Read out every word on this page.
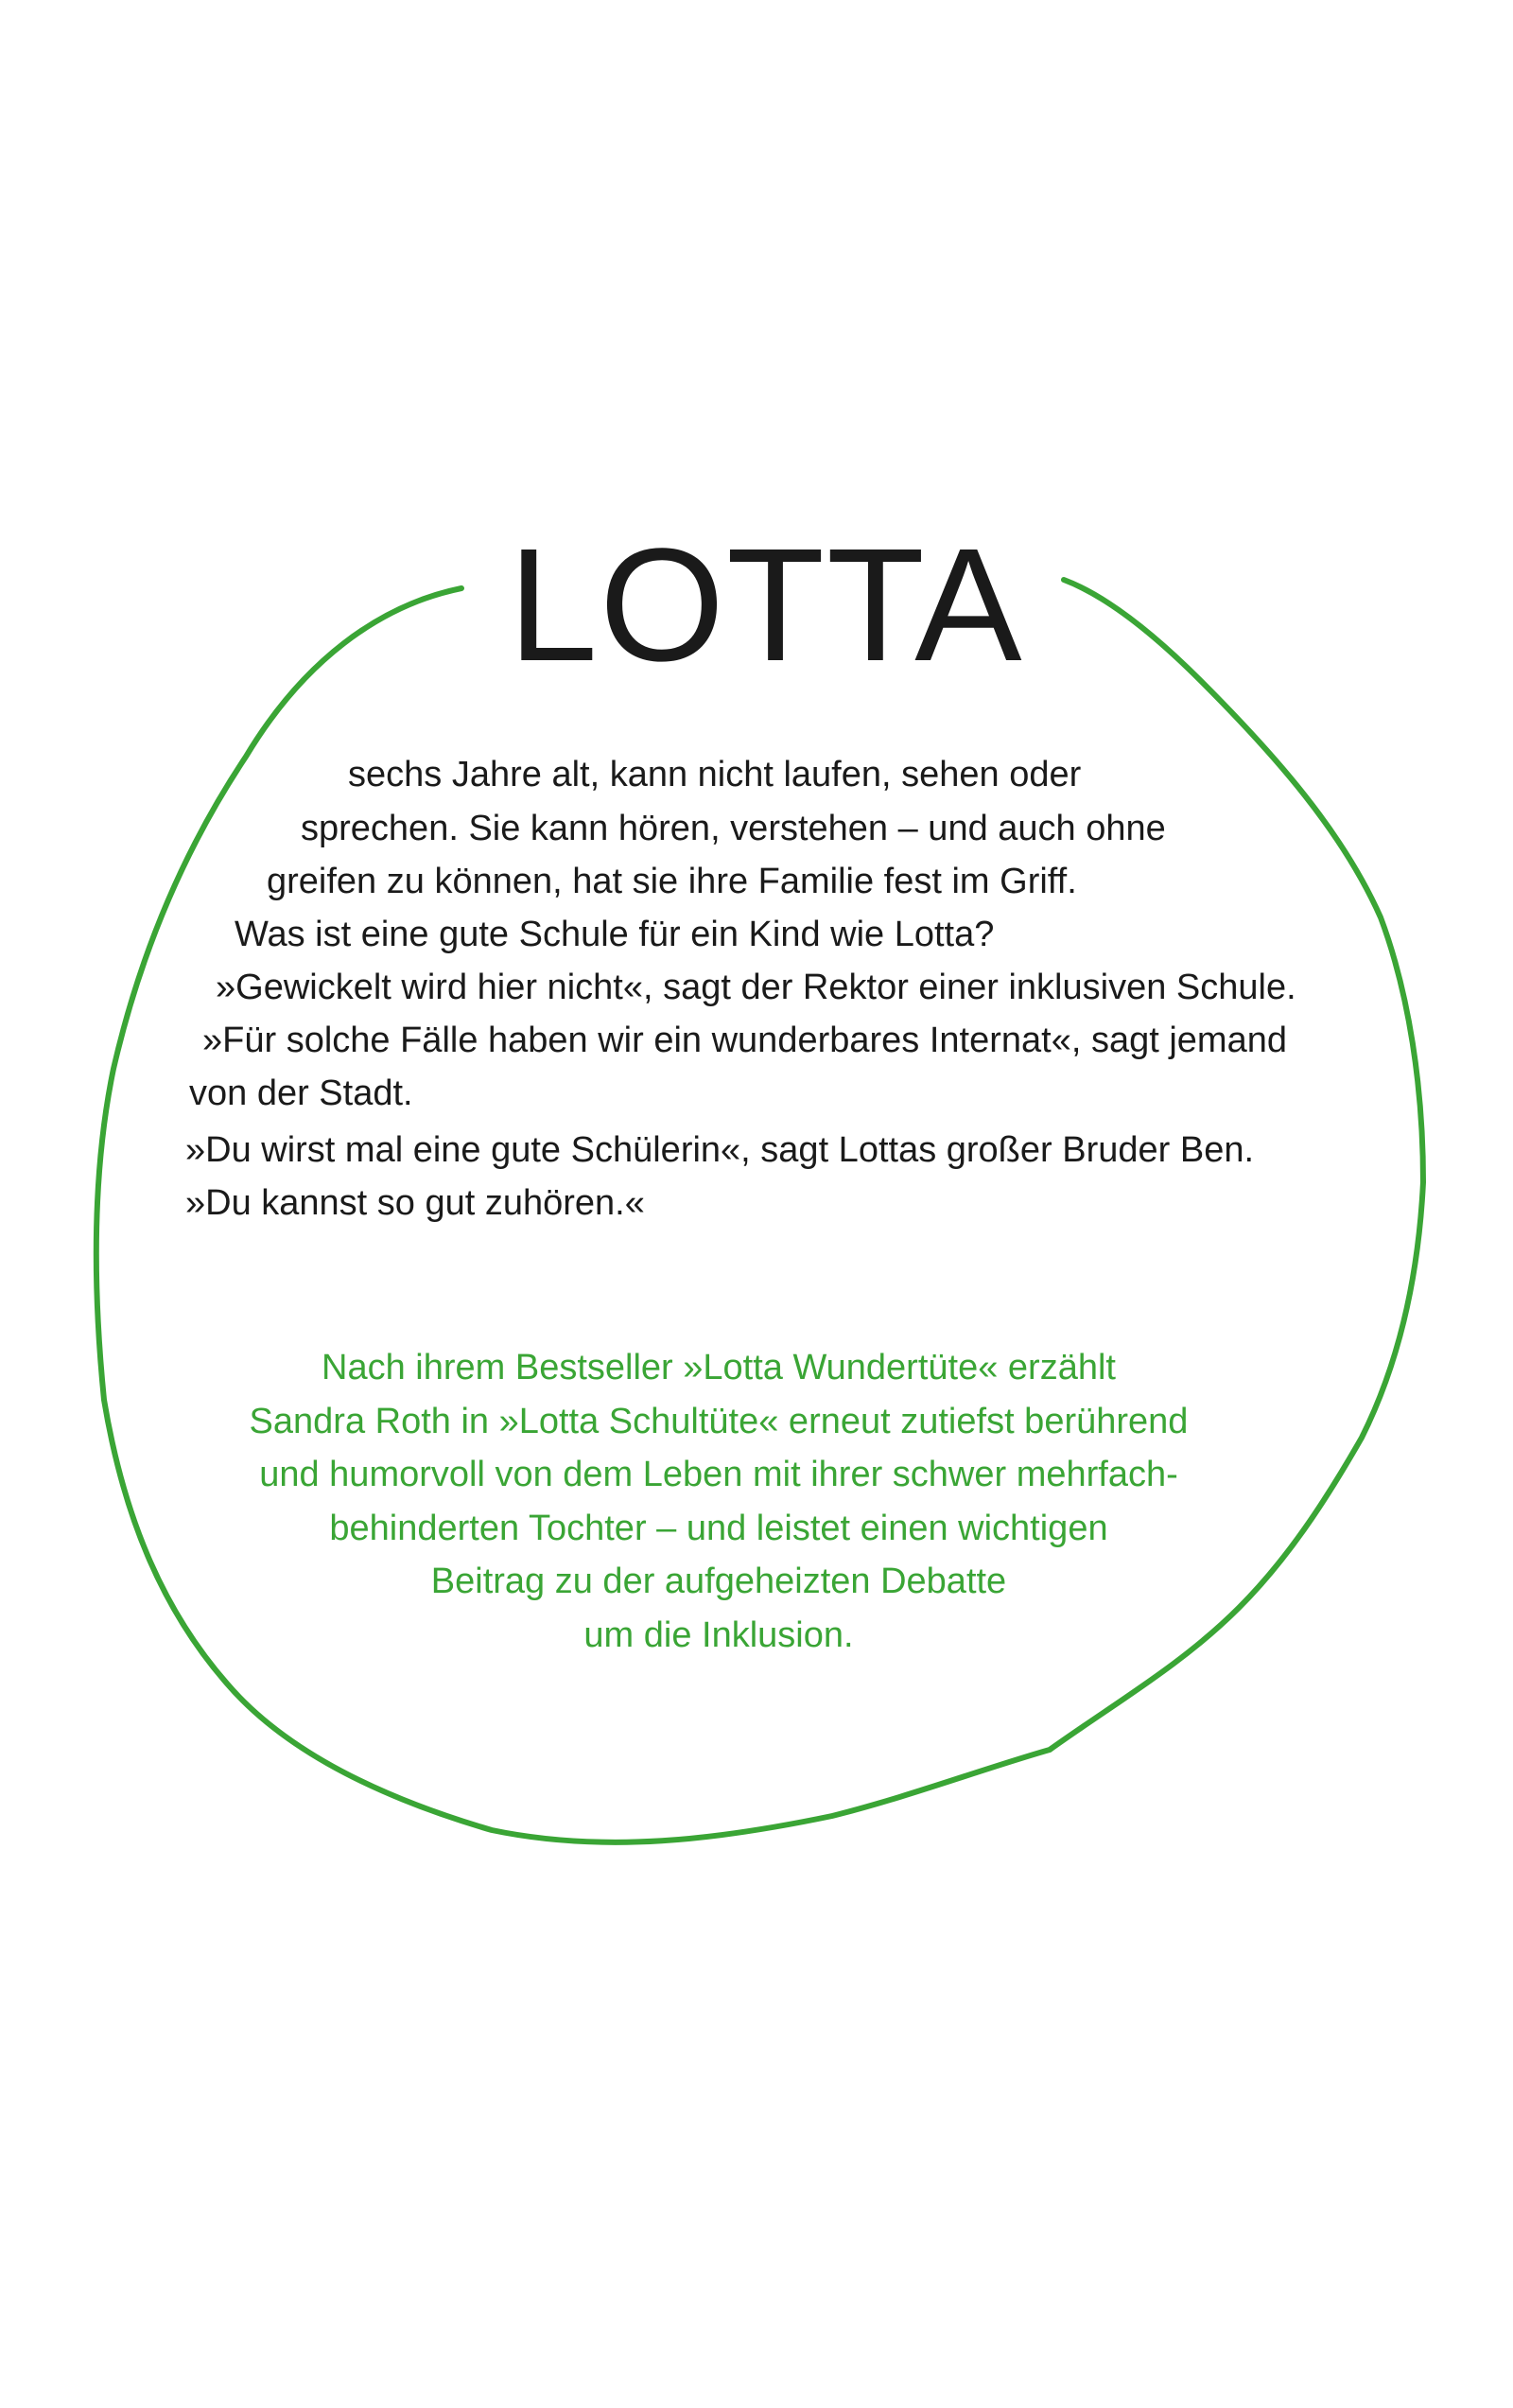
LOTTA

sechs Jahre alt, kann nicht laufen, sehen oder

sprechen. Sie kann hören, verstehen – und auch ohne

greifen zu können, hat sie ihre Familie fest im Griff.

Was ist eine gute Schule für ein Kind wie Lotta?

»Gewickelt wird hier nicht«, sagt der Rektor einer inklusiven Schule.

»Für solche Fälle haben wir ein wunderbares Internat«, sagt jemand

von der Stadt.

»Du wirst mal eine gute Schülerin«, sagt Lottas großer Bruder Ben.

»Du kannst so gut zuhören.«

Nach ihrem Bestseller »Lotta Wundertüte« erzählt

Sandra Roth in »Lotta Schultüte« erneut zutiefst berührend

und humorvoll von dem Leben mit ihrer schwer mehrfach-

behinderten Tochter – und leistet einen wichtigen

Beitrag zu der aufgeheizten Debatte

um die Inklusion.
